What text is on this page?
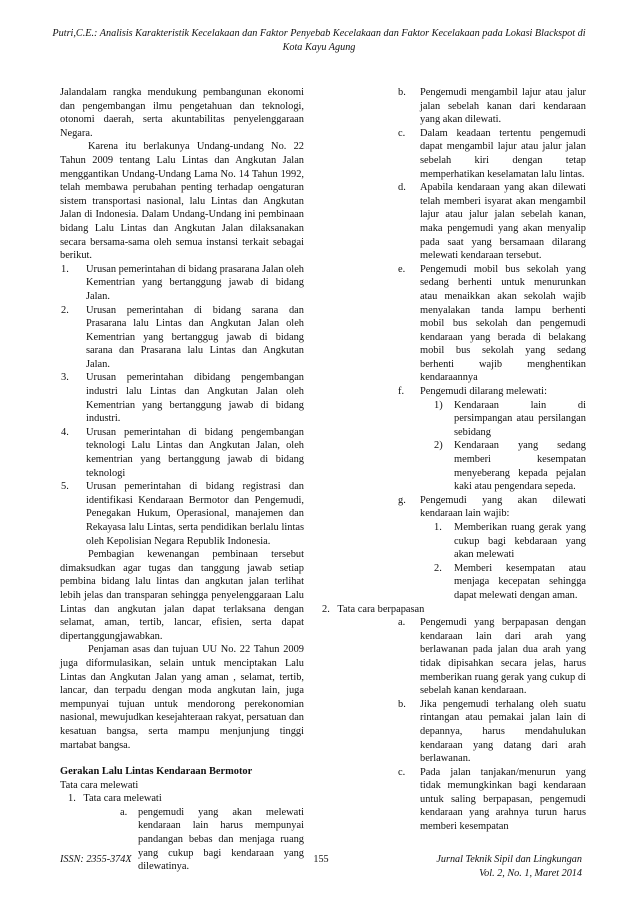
Putri,C.E.: Analisis Karakteristik Kecelakaan dan Faktor Penyebab Kecelakaan dan Faktor Kecelakaan pada Lokasi Blackspot di
Kota Kayu Agung

Jalandalam rangka mendukung pembangunan ekonomi dan pengembangan ilmu pengetahuan dan teknologi, otonomi daerah, serta akuntabilitas penyelenggaraan Negara.

Karena itu berlakunya Undang-undang No. 22 Tahun 2009 tentang Lalu Lintas dan Angkutan Jalan menggantikan Undang-Undang Lama No. 14 Tahun 1992, telah membawa perubahan penting terhadap oengaturan sistem transportasi nasional, lalu Lintas dan Angkutan Jalan di Indonesia. Dalam Undang-Undang ini pembinaan bidang Lalu Lintas dan Angkutan Jalan dilaksanakan secara bersama-sama oleh semua instansi terkait sebagai berikut.

1.	Urusan pemerintahan di bidang prasarana Jalan oleh Kementrian yang bertanggung jawab di bidang Jalan.
2.	Urusan pemerintahan di bidang sarana dan Prasarana lalu Lintas dan Angkutan Jalan oleh Kementrian yang bertanggug jawab di bidang sarana dan Prasarana lalu Lintas dan Angkutan Jalan.
3.	Urusan pemerintahan dibidang pengembangan industri lalu Lintas dan Angkutan Jalan oleh Kementrian yang bertanggung jawab di bidang industri.
4.	Urusan pemerintahan di bidang pengembangan teknologi Lalu Lintas dan Angkutan Jalan, oleh kementrian yang bertanggung jawab di bidang teknologi
5.	Urusan pemerintahan di bidang registrasi dan identifikasi Kendaraan Bermotor dan Pengemudi, Penegakan Hukum, Operasional, manajemen dan Rekayasa lalu Lintas, serta pendidikan berlalu lintas oleh Kepolisian Negara Republik Indonesia.

Pembagian kewenangan pembinaan tersebut dimaksudkan agar tugas dan tanggung jawab setiap pembina bidang lalu lintas dan angkutan jalan terlihat lebih jelas dan transparan sehingga penyelenggaraan Lalu Lintas dan angkutan jalan dapat terlaksana dengan selamat, aman, tertib, lancar, efisien, serta dapat dipertanggungjawabkan.

Penjaman asas dan tujuan UU No. 22 Tahun 2009 juga diformulasikan, selain untuk menciptakan Lalu Lintas dan Angkutan Jalan yang aman , selamat, tertib, lancar, dan terpadu dengan moda angkutan lain, juga mempunyai tujuan untuk mendorong perekonomian nasional, mewujudkan kesejahteraan rakyat, persatuan dan kesatuan bangsa, serta mampu menjunjung tinggi martabat bangsa.

Gerakan Lalu Lintas Kendaraan Bermotor

Tata cara melewati

1.   Tata cara melewati

a.	pengemudi yang akan melewati kendaraan lain harus mempunyai pandangan bebas dan menjaga ruang yang cukup bagi kendaraan yang dilewatinya.
b.	Pengemudi mengambil lajur atau jalur jalan sebelah kanan dari kendaraan yang akan dilewati.
c.	Dalam keadaan tertentu pengemudi dapat mengambil lajur atau jalur jalan sebelah kiri dengan tetap memperhatikan keselamatan lalu lintas.
d.	Apabila kendaraan yang akan dilewati telah memberi isyarat akan mengambil lajur atau jalur jalan sebelah kanan, maka pengemudi yang akan menyalip pada saat yang bersamaan dilarang melewati kendaraan tersebut.
e.	Pengemudi mobil bus sekolah yang sedang berhenti untuk menurunkan atau menaikkan akan sekolah wajib menyalakan tanda lampu berhenti mobil bus sekolah dan pengemudi kendaraan yang berada di belakang mobil bus sekolah yang sedang berhenti wajib menghentikan kendaraannya
f.	Pengemudi dilarang melewati:
1)	Kendaraan lain di persimpangan atau persilangan sebidang
2)	Kendaraan yang sedang memberi kesempatan menyeberang kepada pejalan kaki atau pengendara sepeda.
g.	Pengemudi yang akan dilewati kendaraan lain wajib:
1.	Memberikan ruang gerak yang cukup bagi kebdaraan yang akan melewati
2.	Memberi kesempatan atau menjaga kecepatan sehingga dapat melewati dengan aman.

2.   Tata cara berpapasan

a.	Pengemudi yang berpapasan dengan kendaraan lain dari arah yang berlawanan pada jalan dua arah yang tidak dipisahkan secara jelas, harus memberikan ruang gerak yang cukup di sebelah kanan kendaraan.
b.	Jika pengemudi terhalang oleh suatu rintangan atau pemakai jalan lain di depannya, harus mendahulukan kendaraan yang datang dari arah berlawanan.
c.	Pada jalan tanjakan/menurun yang tidak memungkinkan bagi kendaraan untuk saling berpapasan, pengemudi kendaraan yang arahnya turun harus memberi kesempatan
ISSN: 2355-374X	155	Jurnal Teknik Sipil dan Lingkungan
Vol. 2, No. 1, Maret 2014
